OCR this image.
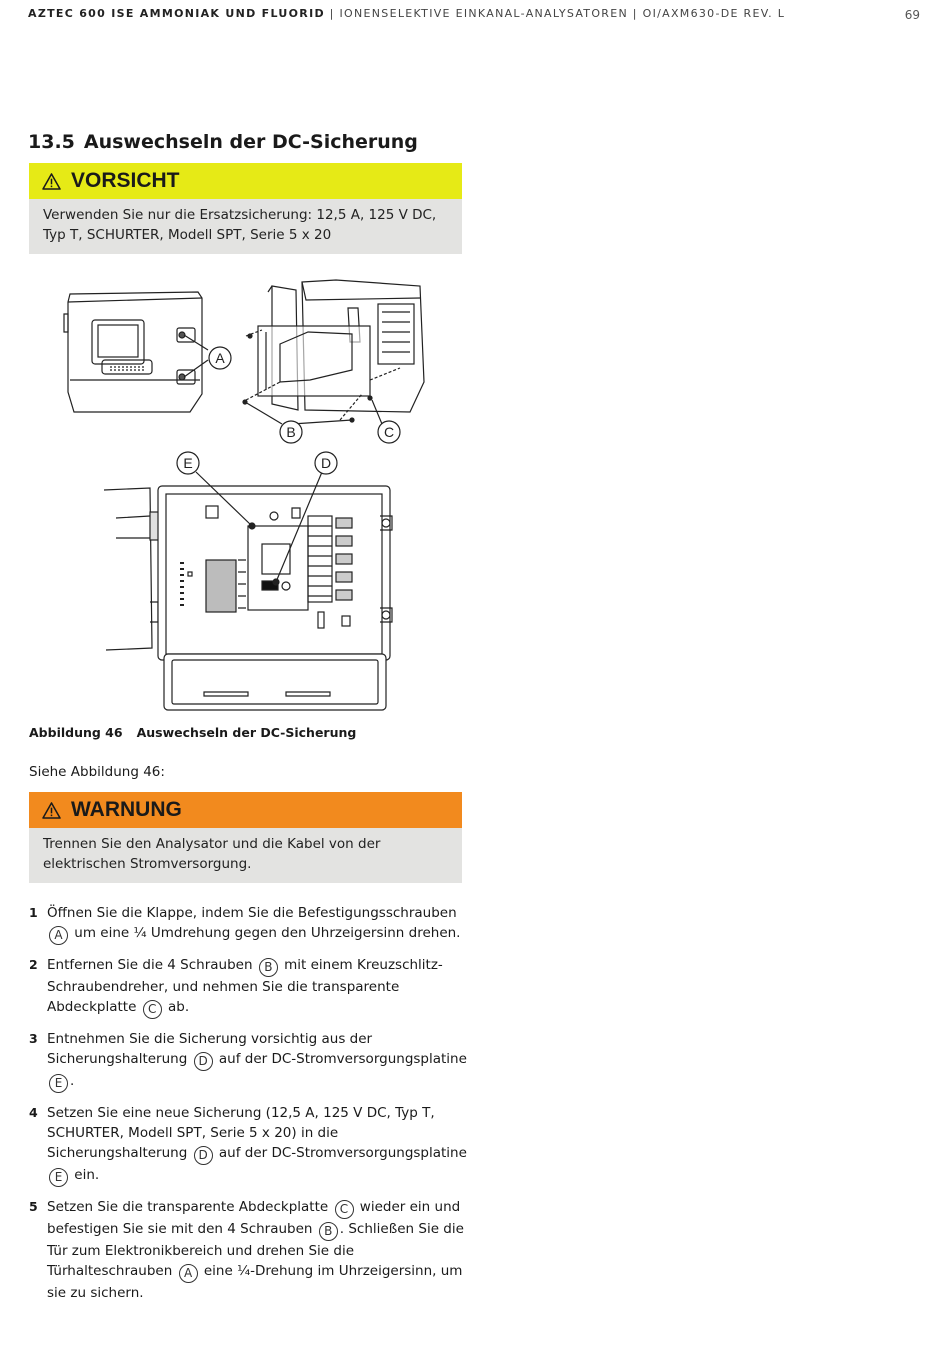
AZTEC 600 ISE AMMONIAK UND FLUORID | IONENSELEKTIVE EINKANAL-ANALYSATOREN | OI/AXM630-DE REV. L	69
13.5 Auswechseln der DC-Sicherung
VORSICHT
Verwenden Sie nur die Ersatzsicherung: 12,5 A, 125 V DC,
Typ T, SCHURTER, Modell SPT, Serie 5 x 20
A
B	C
E	D
Abbildung 46 Auswechseln der DC-Sicherung
Siehe Abbildung 46:
WARNUNG
Trennen Sie den Analysator und die Kabel von der
elektrischen Stromversorgung.
1 Öffnen Sie die Klappe, indem Sie die Befestigungsschrauben A um eine ¼ Umdrehung gegen den Uhrzeigersinn drehen.
2 Entfernen Sie die 4 Schrauben B mit einem Kreuzschlitz-Schraubendreher, und nehmen Sie die transparente Abdeckplatte C ab.
3 Entnehmen Sie die Sicherung vorsichtig aus der Sicherungshalterung D auf der DC-Stromversorgungsplatine E .
4 Setzen Sie eine neue Sicherung (12,5 A, 125 V DC, Typ T, SCHURTER, Modell SPT, Serie 5 x 20) in die Sicherungshalterung D auf der DC-Stromversorgungsplatine E ein.
5 Setzen Sie die transparente Abdeckplatte C wieder ein und befestigen Sie sie mit den 4 Schrauben B . Schließen Sie die Tür zum Elektronikbereich und drehen Sie die Türhalteschrauben A eine ¼-Drehung im Uhrzeigersinn, um sie zu sichern.
